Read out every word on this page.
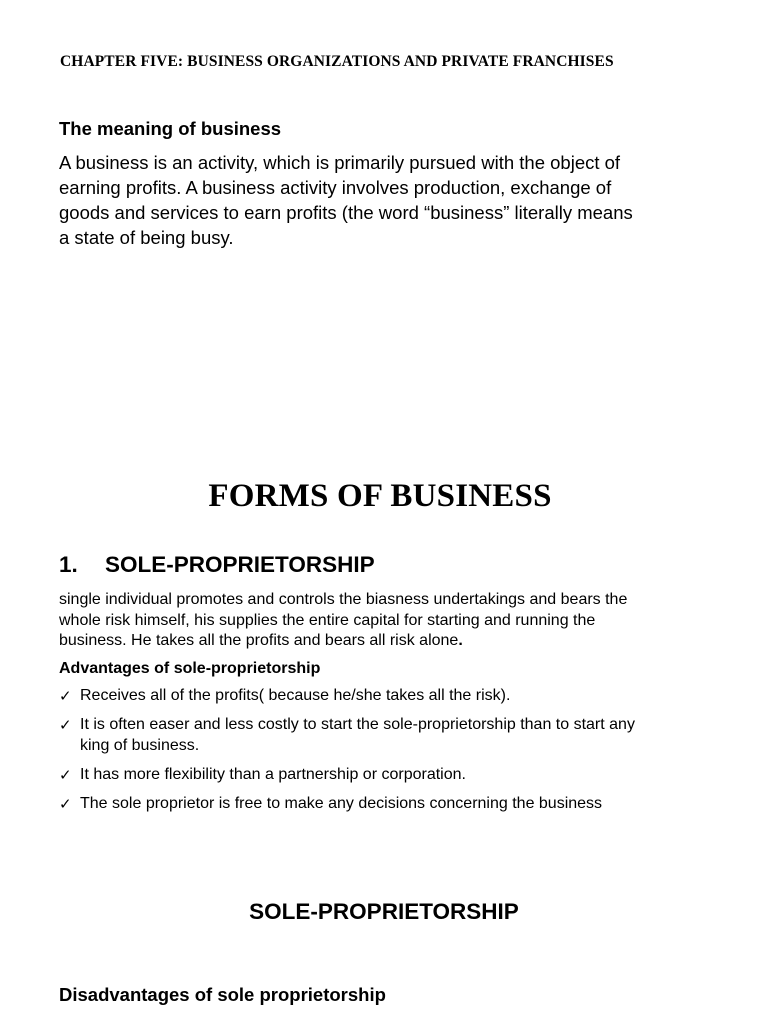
CHAPTER FIVE: BUSINESS ORGANIZATIONS AND PRIVATE FRANCHISES
The meaning of business
A business is an activity, which is primarily pursued with the object of
earning profits. A business activity involves production, exchange of
goods and services to earn profits (the word “business” literally means
a state of being busy.
FORMS OF BUSINESS
1. SOLE-PROPRIETORSHIP
single individual promotes and controls the biasness undertakings and bears the
whole risk himself, his supplies the entire capital for starting and running the
business. He takes all the profits and bears all risk alone.
Advantages of sole-proprietorship
✓ Receives all of the profits( because he/she takes all the risk).
✓ It is often easer and less costly to start the sole-proprietorship than to start any
king of business.
✓ It has more flexibility than a partnership or corporation.
✓ The sole proprietor is free to make any decisions concerning the business
SOLE-PROPRIETORSHIP
Disadvantages of sole proprietorship
